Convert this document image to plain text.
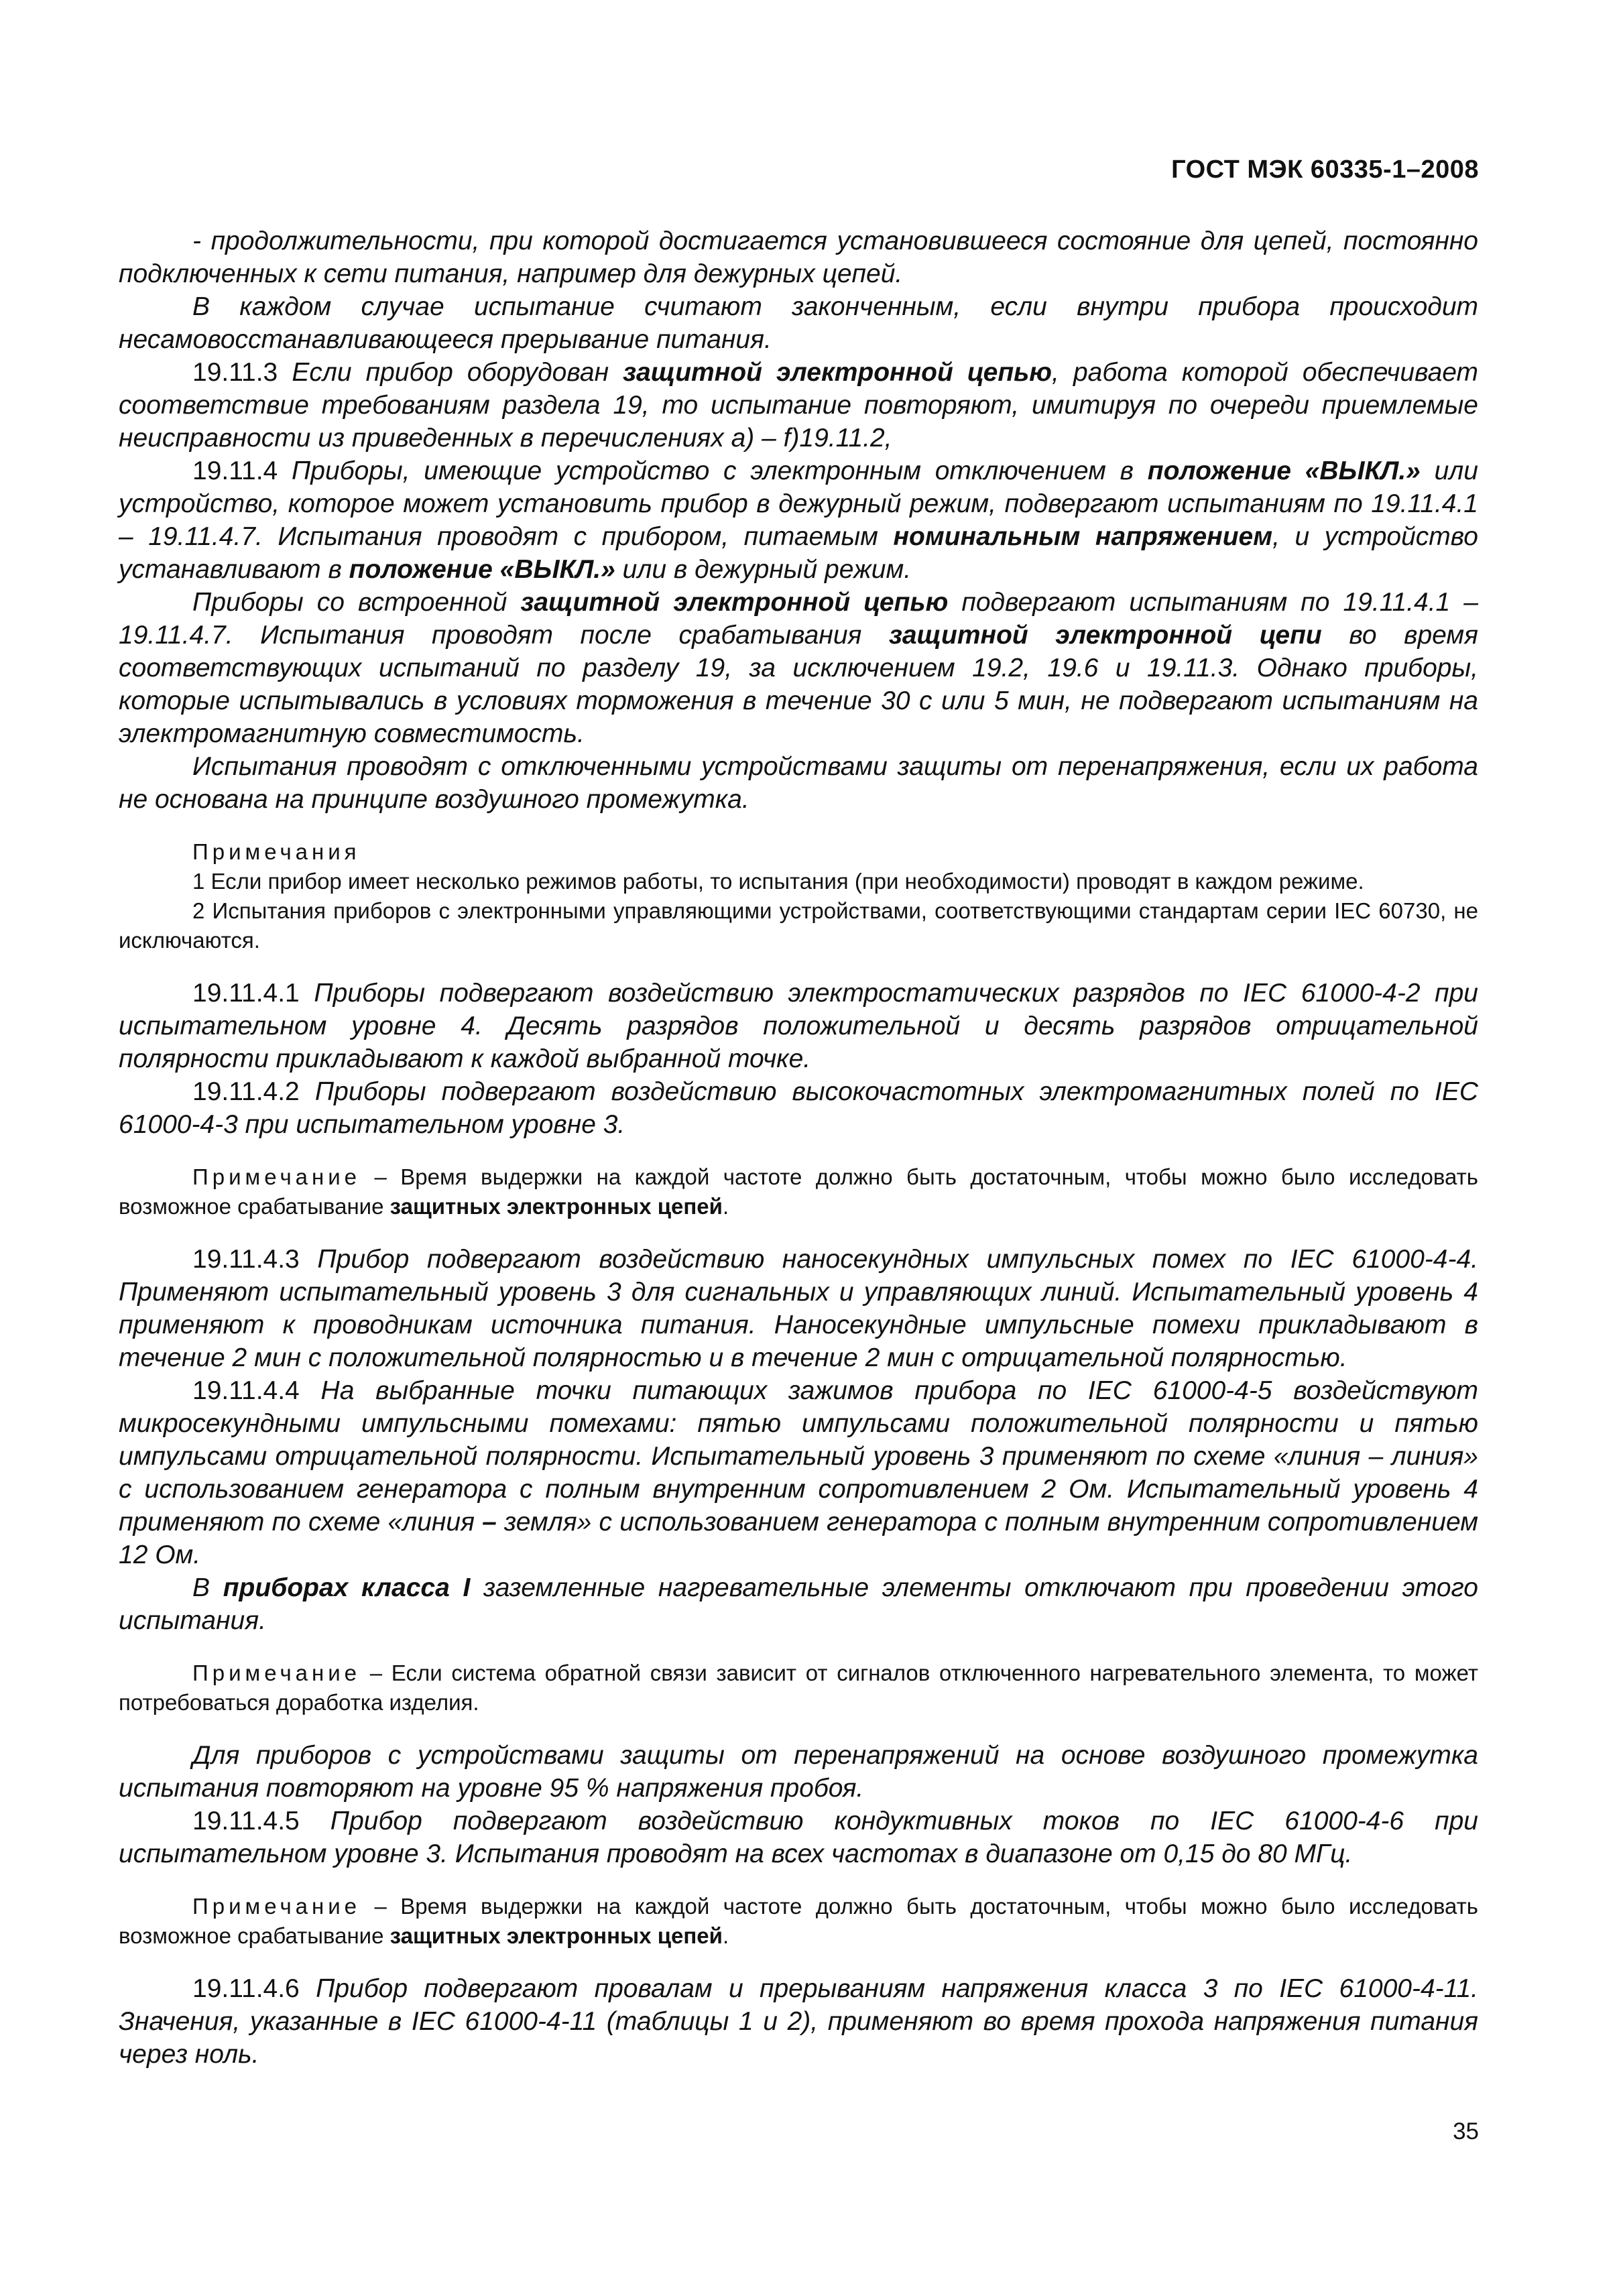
ГОСТ МЭК 60335-1–2008

- продолжительности, при которой достигается установившееся состояние для цепей, постоянно подключенных к сети питания, например для дежурных цепей.

В каждом случае испытание считают законченным, если внутри прибора происходит несамовосстанавливающееся прерывание питания.

19.11.3 Если прибор оборудован защитной электронной цепью, работа которой обеспечивает соответствие требованиям раздела 19, то испытание повторяют, имитируя по очереди приемлемые неисправности из приведенных в перечислениях a) – f)19.11.2,

19.11.4 Приборы, имеющие устройство с электронным отключением в положение «ВЫКЛ.» или устройство, которое может установить прибор в дежурный режим, подвергают испытаниям по 19.11.4.1 – 19.11.4.7. Испытания проводят с прибором, питаемым номинальным напряжением, и устройство устанавливают в положение «ВЫКЛ.» или в дежурный режим.

Приборы со встроенной защитной электронной цепью подвергают испытаниям по 19.11.4.1 – 19.11.4.7. Испытания проводят после срабатывания защитной электронной цепи во время соответствующих испытаний по разделу 19, за исключением 19.2, 19.6 и 19.11.3. Однако приборы, которые испытывались в условиях торможения в течение 30 с или 5 мин, не подвергают испытаниям на электромагнитную совместимость.

Испытания проводят с отключенными устройствами защиты от перенапряжения, если их работа не основана на принципе воздушного промежутка.

Примечания

1 Если прибор имеет несколько режимов работы, то испытания (при необходимости) проводят в каждом режиме.

2 Испытания приборов с электронными управляющими устройствами, соответствующими стандартам серии IEC 60730, не исключаются.

19.11.4.1 Приборы подвергают воздействию электростатических разрядов по IEC 61000-4-2 при испытательном уровне 4. Десять разрядов положительной и десять разрядов отрицательной полярности прикладывают к каждой выбранной точке.

19.11.4.2 Приборы подвергают воздействию высокочастотных электромагнитных полей по IEC 61000-4-3 при испытательном уровне 3.

Примечание – Время выдержки на каждой частоте должно быть достаточным, чтобы можно было исследовать возможное срабатывание защитных электронных цепей.

19.11.4.3 Прибор подвергают воздействию наносекундных импульсных помех по IEC 61000-4-4. Применяют испытательный уровень 3 для сигнальных и управляющих линий. Испытательный уровень 4 применяют к проводникам источника питания. Наносекундные импульсные помехи прикладывают в течение 2 мин с положительной полярностью и в течение 2 мин с отрицательной полярностью.

19.11.4.4 На выбранные точки питающих зажимов прибора по IEC 61000-4-5 воздействуют микросекундными импульсными помехами: пятью импульсами положительной полярности и пятью импульсами отрицательной полярности. Испытательный уровень 3 применяют по схеме «линия – линия» с использованием генератора с полным внутренним сопротивлением 2 Ом. Испытательный уровень 4 применяют по схеме «линия – земля» с использованием генератора с полным внутренним сопротивлением 12 Ом.

В приборах класса I заземленные нагревательные элементы отключают при проведении этого испытания.

Примечание – Если система обратной связи зависит от сигналов отключенного нагревательного элемента, то может потребоваться доработка изделия.

Для приборов с устройствами защиты от перенапряжений на основе воздушного промежутка испытания повторяют на уровне 95 % напряжения пробоя.

19.11.4.5 Прибор подвергают воздействию кондуктивных токов по IEC 61000-4-6 при испытательном уровне 3. Испытания проводят на всех частотах в диапазоне от 0,15 до 80 МГц.

Примечание – Время выдержки на каждой частоте должно быть достаточным, чтобы можно было исследовать возможное срабатывание защитных электронных цепей.

19.11.4.6 Прибор подвергают провалам и прерываниям напряжения класса 3 по IEC 61000-4-11. Значения, указанные в IEC 61000-4-11 (таблицы 1 и 2), применяют во время прохода напряжения питания через ноль.

35
